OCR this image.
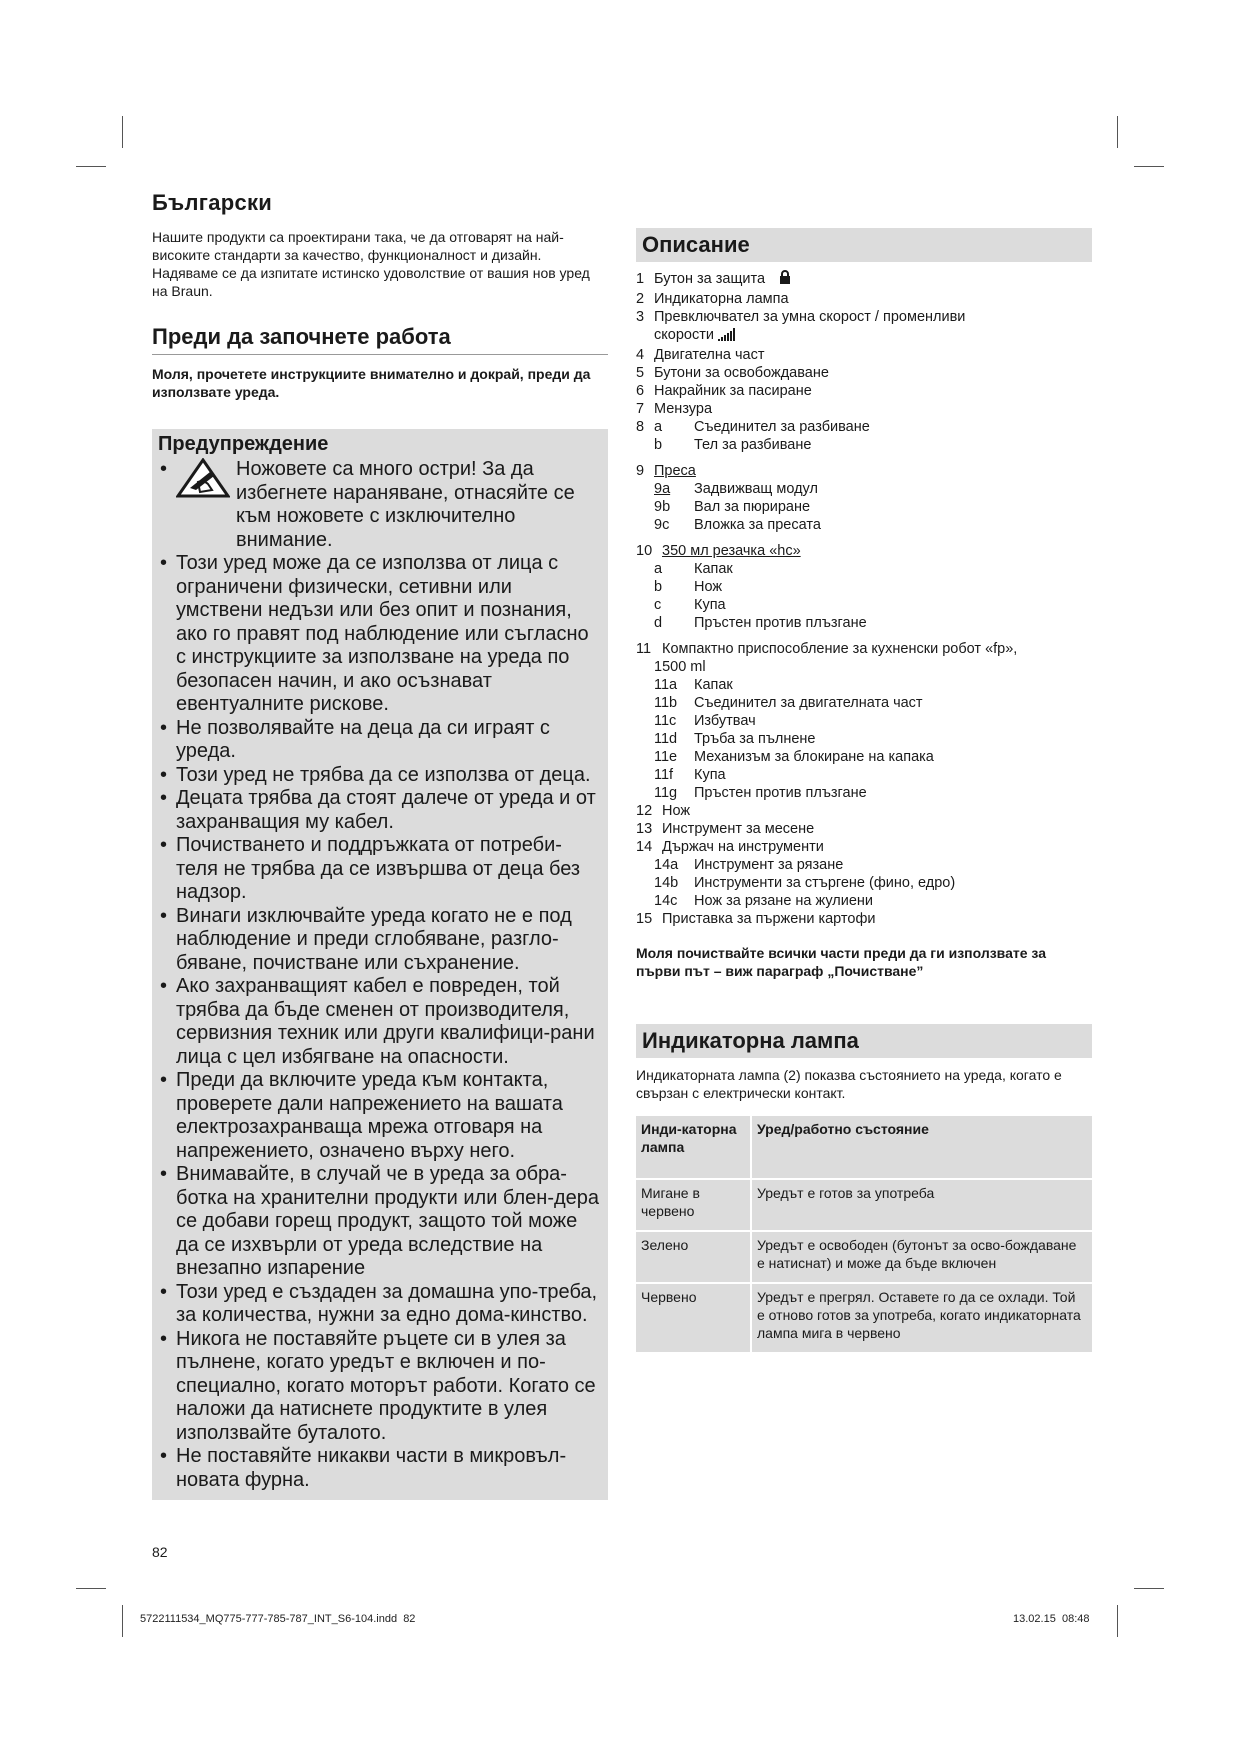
Български

Нашите продукти са проектирани така, че да отговарят на най-високите стандарти за качество, функционалност и дизайн.

Надяваме се да изпитате истинско удоволствие от вашия нов уред на Braun.

Преди да започнете работа

Моля, прочетете инструкциите внимателно и докрай, преди да използвате уреда.

Предупреждение
• Ножовете са много остри! За да избегнете нараняване, отнасяйте се към ножовете с изключително внимание.
• Този уред може да се използва от лица с ограничени физически, сетивни или умствени недъзи или без опит и познания, ако го правят под наблюдение или съгласно с инструкциите за използване на уреда по безопасен начин, и ако осъзнават евентуалните рискове.
• Не позволявайте на деца да си играят с уреда.
• Този уред не трябва да се използва от деца.
• Децата трябва да стоят далече от уреда и от захранващия му кабел.
• Почистването и поддръжката от потреби-теля не трябва да се извършва от деца без надзор.
• Винаги изключвайте уреда когато не е под наблюдение и преди сглобяване, разгло-бяване, почистване или съхранение.
• Ако захранващият кабел е повреден, той трябва да бъде сменен от производителя, сервизния техник или други квалифици-рани лица с цел избягване на опасности.
• Преди да включите уреда към контакта, проверете дали напрежението на вашата електрозахранваща мрежа отговаря на напрежението, означено върху него.
• Внимавайте, в случай че в уреда за обра-ботка на хранителни продукти или блен-дера се добави горещ продукт, защото той може да се изхвърли от уреда вследствие на внезапно изпарение
• Този уред е създаден за домашна упо-треба, за количества, нужни за едно дома-кинство.
• Никога не поставяйте ръцете си в улея за пълнене, когато уредът е включен и по-специално, когато моторът работи. Когато се наложи да натиснете продуктите в улея използвайте буталото.
• Не поставяйте никакви части в микровъл-новата фурна.
82
Описание
1 Бутон за защита
2 Индикаторна лампа
3 Превключвател за умна скорост / променливи
скорости
4 Двигателна част
5 Бутони за освобождаване
6 Накрайник за пасиране
7 Мензура
8 a Съединител за разбиване
b Тел за разбиване
9 Преса
9a Задвижващ модул
9b Вал за пюриране
9c Вложка за пресата
10 350 мл резачка «hc»
a Капак
b Нож
c Купа
d Пръстен против плъзгане
11 Компактно приспособление за кухненски робот «fp»,
1500 ml
11a Капак
11b Съединител за двигателната част
11c Избутвач
11d Тръба за пълнене
11e Механизъм за блокиране на капака
11f Купа
11g Пръстен против плъзгане
12 Нож
13 Инструмент за месене
14 Държач на инструменти
14a Инструмент за рязане
14b Инструменти за стъргене (фино, едро)
14c Нож за рязане на жулиени
15 Приставка за пържени картофи
Моля почиствайте всички части преди да ги използвате за първи път – виж параграф „Почистване”
Индикаторна лампа

Индикаторната лампа (2) показва състоянието на уреда, когато е свързан с електрически контакт.

Инди-каторна лампа	Уред/работно състояние
Мигане в червено	Уредът е готов за употреба
Зелено	Уредът е освободен (бутонът за осво-бождаване е натиснат) и може да бъде включен
Червено	Уредът е прегрял. Оставете го да се охлади. Той е отново готов за употреба, когато индикаторната лампа мига в червено
5722111534_MQ775-777-785-787_INT_S6-104.indd 82	13.02.15 08:48
